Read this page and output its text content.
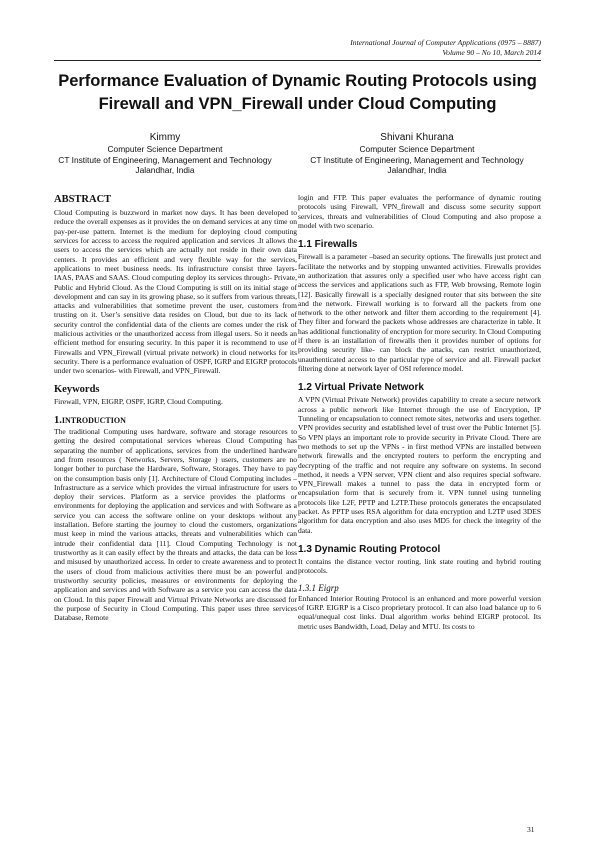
International Journal of Computer Applications (0975 – 8887)
Volume 90 – No 10, March 2014
Performance Evaluation of Dynamic Routing Protocols using Firewall and VPN_Firewall under Cloud Computing
Kimmy
Computer Science Department
CT Institute of Engineering, Management and Technology Jalandhar, India
Shivani Khurana
Computer Science Department
CT Institute of Engineering, Management and Technology Jalandhar, India
ABSTRACT

Cloud Computing is buzzword in market now days. It has been developed to reduce the overall expenses as it provides the on demand services at any time on pay-per-use pattern. Internet is the medium for deploying cloud computing services for access to access the required application and services .It allows the users to access the services which are actually not reside in their own data centers. It provides an efficient and very flexible way for the services, applications to meet business needs. Its infrastructure consist three layers- IAAS, PAAS and SAAS. Cloud computing deploy its services through:- Private, Public and Hybrid Cloud. As the Cloud Computing is still on its initial stage of development and can say in its growing phase, so it suffers from various threats, attacks and vulnerabilities that sometime prevent the user, customers from trusting on it. User’s sensitive data resides on Cloud, but due to its lack of security control the confidential data of the clients are comes under the risk of malicious activities or the unauthorized access from illegal users. So it needs an efficient method for ensuring security. In this paper it is recommend to use of Firewalls and VPN_Firewall (virtual private network) in cloud networks for its security. There is a performance evaluation of OSPF, IGRP and EIGRP protocols under two scenarios- with Firewall, and VPN_Firewall.

Keywords

Firewall, VPN, EIGRP, OSPF, IGRP, Cloud Computing.

1.INTRODUCTION

The traditional Computing uses hardware, software and storage resources to getting the desired computational services whereas Cloud Computing has separating the number of applications, services from the underlined hardware and from resources ( Networks, Servers, Storage ) users, customers are no longer bother to purchase the Hardware, Software, Storages. They have to pay on the consumption basis only [1]. Architecture of Cloud Computing includes – Infrastructure as a service which provides the virtual infrastructure for users to deploy their services. Platform as a service provides the platforms or environments for deploying the application and services and with Software as a service you can access the software online on your desktops without any installation. Before starting the journey to cloud the customers, organizations must keep in mind the various attacks, threats and vulnerabilities which can intrude their confidential data [11]. Cloud Computing Technology is not trustworthy as it can easily effect by the threats and attacks, the data can be loss and misused by unauthorized access. In order to create awareness and to protect the users of cloud from malicious activities there must be an powerful and trustworthy security policies, measures or environments for deploying the application and services and with Software as a service you can access the data on Cloud. In this paper Firewall and Virtual Private Networks are discussed for the purpose of Security in Cloud Computing. This paper uses three services Database, Remote

login and FTP. This paper evaluates the performance of dynamic routing protocols using Firewall, VPN_firewall and discuss some security support services, threats and vulnerabilities of Cloud Computing and also propose a model with two scenario.

1.1 Firewalls

Firewall is a parameter –based an security options. The firewalls just protect and facilitate the networks and by stopping unwanted activities. Firewalls provides an authorization that assures only a specified user who have access right can access the services and applications such as FTP, Web browsing, Remote login [12]. Basically firewall is a specially designed router that sits between the site and the network. Firewall working is to forward all the packets from one network to the other network and filter them according to the requirement [4]. They filter and forward the packets whose addresses are characterize in table. It has additional functionality of encryption for more security. In Cloud Computing if there is an installation of firewalls then it provides number of options for providing security like- can block the attacks, can restrict unauthorized, unauthenticated access to the particular type of service and all. Firewall packet filtering done at network layer of OSI reference model.

1.2 Virtual Private Network

A VPN (Virtual Private Network) provides capability to create a secure network across a public network like Internet through the use of Encryption, IP Tunneling or encapsulation to connect remote sites, networks and users together. VPN provides security and established level of trust over the Public Internet [5]. So VPN plays an important role to provide security in Private Cloud. There are two methods to set up the VPNs - in first method VPNs are installed between network firewalls and the encrypted routers to perform the encrypting and decrypting of the traffic and not require any software on systems. In second method, it needs a VPN server, VPN client and also requires special software. VPN_Firewall makes a tunnel to pass the data in encrypted form or encapsulation form that is securely from it. VPN tunnel using tunneling protocols like L2F, PPTP and L2TP.These protocols generates the encapsulated packet. As PPTP uses RSA algorithm for data encryption and L2TP used 3DES algorithm for data encryption and also uses MD5 for check the integrity of the data.

1.3 Dynamic Routing Protocol

It contains the distance vector routing, link state routing and hybrid routing protocols.

1.3.1 Eigrp

Enhanced Interior Routing Protocol is an enhanced and more powerful version of IGRP. EIGRP is a Cisco proprietary protocol. It can also load balance up to 6 equal/unequal cost links. Dual algorithm works behind EIGRP protocol. Its metric uses Bandwidth, Load, Delay and MTU. Its costs to

31
